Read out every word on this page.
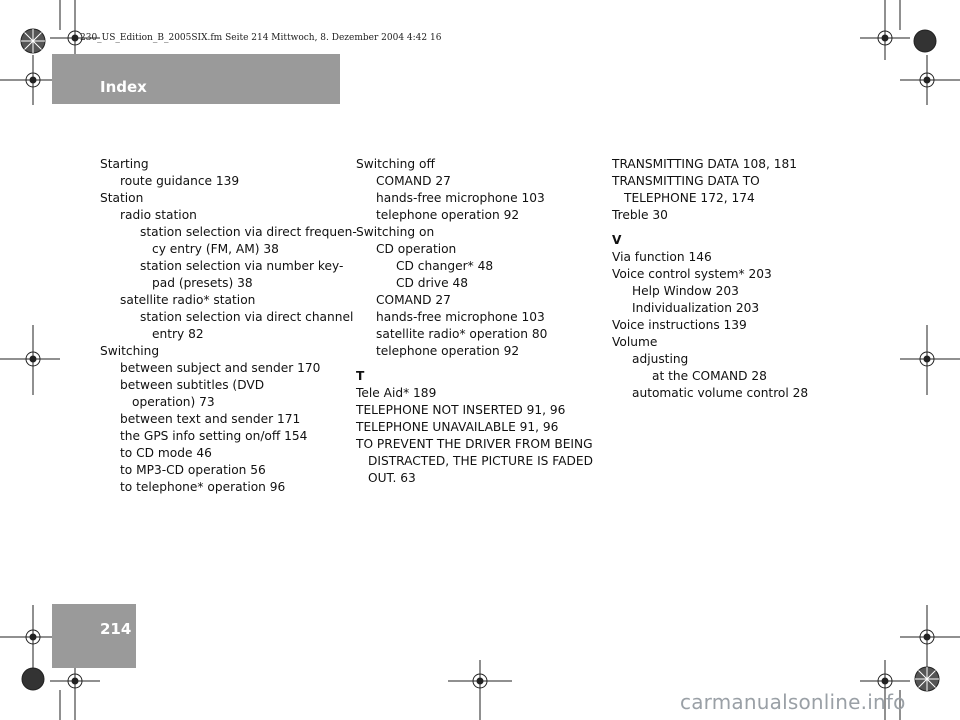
230_US_Edition_B_2005SIX.fm Seite 214 Mittwoch, 8. Dezember 2004 4:42 16
Index
214
Starting
route guidance 139
Station
radio station
station selection via direct frequen-
cy entry (FM, AM) 38
station selection via number key-
pad (presets) 38
satellite radio* station
station selection via direct channel
entry 82
Switching
between subject and sender 170
between subtitles (DVD
operation) 73
between text and sender 171
the GPS info setting on/off 154
to CD mode 46
to MP3-CD operation 56
to telephone* operation 96
Switching off
COMAND 27
hands-free microphone 103
telephone operation 92
Switching on
CD operation
CD changer* 48
CD drive 48
COMAND 27
hands-free microphone 103
satellite radio* operation 80
telephone operation 92
T
Tele Aid* 189
TELEPHONE NOT INSERTED 91, 96
TELEPHONE UNAVAILABLE 91, 96
TO PREVENT THE DRIVER FROM BEING
DISTRACTED, THE PICTURE IS FADED
OUT. 63
TRANSMITTING DATA 108, 181
TRANSMITTING DATA TO
TELEPHONE 172, 174
Treble 30
V
Via function 146
Voice control system* 203
Help Window 203
Individualization 203
Voice instructions 139
Volume
adjusting
at the COMAND 28
automatic volume control 28
carmanualsonline.info
